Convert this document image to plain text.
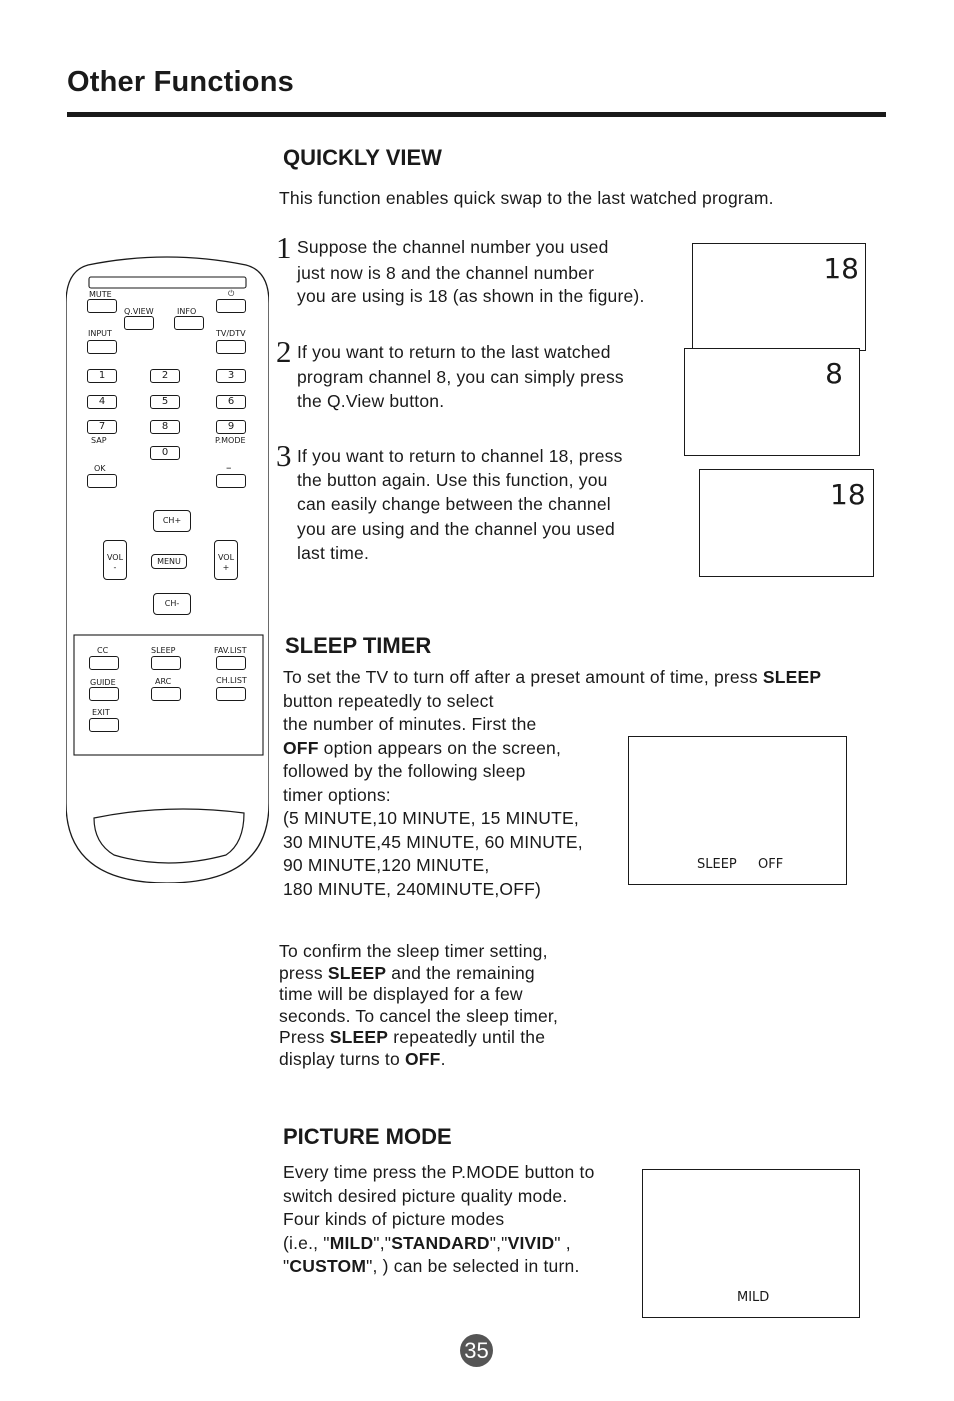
Other Functions
QUICKLY VIEW
This function enables quick swap to the last watched program.
1 Suppose the channel number you used
just now is 8 and the channel number
you are using is 18 (as shown in the figure).
2 If you want to return to the last watched
program channel 8, you can simply press
the Q.View button.
3 If you want to return to channel 18, press
the button again. Use this function, you
can easily change between the channel
you are using and the channel you used
last time.
18
8
18
SLEEP TIMER
To set the TV to turn off after a preset amount of time, press SLEEP
button repeatedly to select
the number of minutes. First the
OFF option appears on the screen,
followed by the following sleep
timer options:
(5 MINUTE,10 MINUTE, 15 MINUTE,
30 MINUTE,45 MINUTE, 60 MINUTE,
90 MINUTE,120 MINUTE,
180 MINUTE, 240MINUTE,OFF)
SLEEP OFF
To confirm the sleep timer setting,
press SLEEP and the remaining
time will be displayed for a few
seconds. To cancel the sleep timer,
Press SLEEP repeatedly until the
display turns to OFF.
PICTURE MODE
Every time press the P.MODE button to
switch desired picture quality mode.
Four kinds of picture modes
(i.e., "MILD","STANDARD","VIVID" ,
"CUSTOM", ) can be selected in turn.
MILD
MUTE	⏻
Q.VIEW	INFO
INPUT	TV/DTV
1	2	3
4	5	6
7	8	9
SAP	P.MODE
0
OK	–
CH+
CH-
MENU
VOL
-
VOL
+
CC	SLEEP	FAV.LIST
GUIDE	ARC	CH.LIST
EXIT
35
